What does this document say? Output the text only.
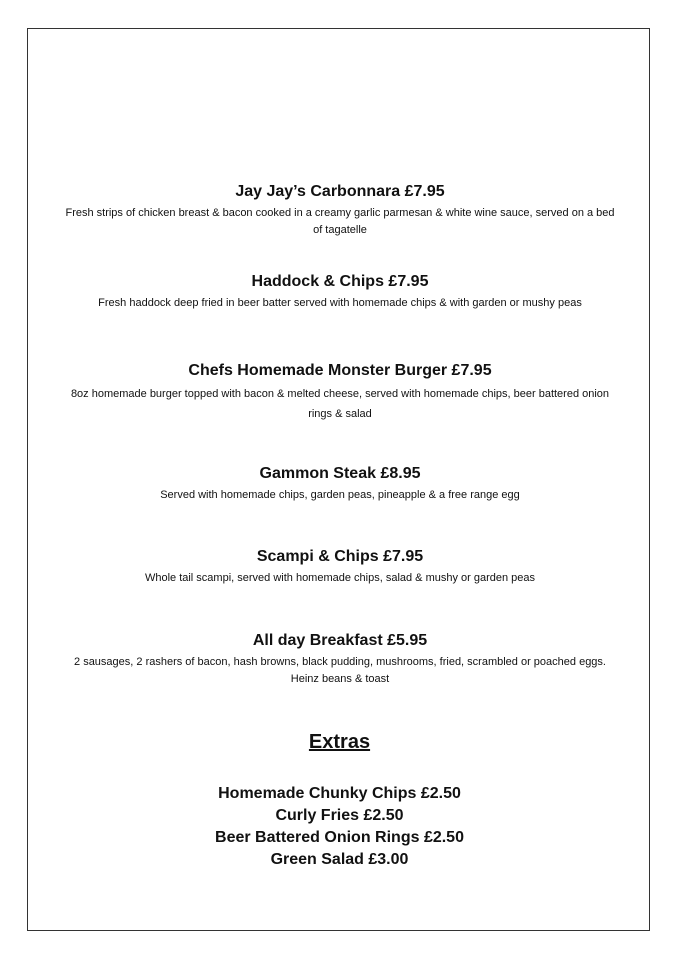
Jay Jay’s Carbonnara £7.95

Fresh strips of chicken breast & bacon cooked in a creamy garlic parmesan & white wine sauce, served on a bed of tagatelle

Haddock & Chips £7.95

Fresh haddock deep fried in beer batter served with homemade chips & with garden or mushy peas

Chefs Homemade Monster Burger £7.95

8oz homemade burger topped with bacon & melted cheese, served with homemade chips, beer battered onion rings & salad

Gammon Steak £8.95

Served with homemade chips, garden peas, pineapple & a free range egg

Scampi & Chips £7.95

Whole tail scampi, served with homemade chips, salad & mushy or garden peas

All day Breakfast £5.95

2 sausages, 2 rashers of bacon, hash browns, black pudding, mushrooms, fried, scrambled or poached eggs. Heinz beans & toast

Extras
Homemade Chunky Chips £2.50
Curly Fries £2.50
Beer Battered Onion Rings £2.50
Green Salad £3.00
